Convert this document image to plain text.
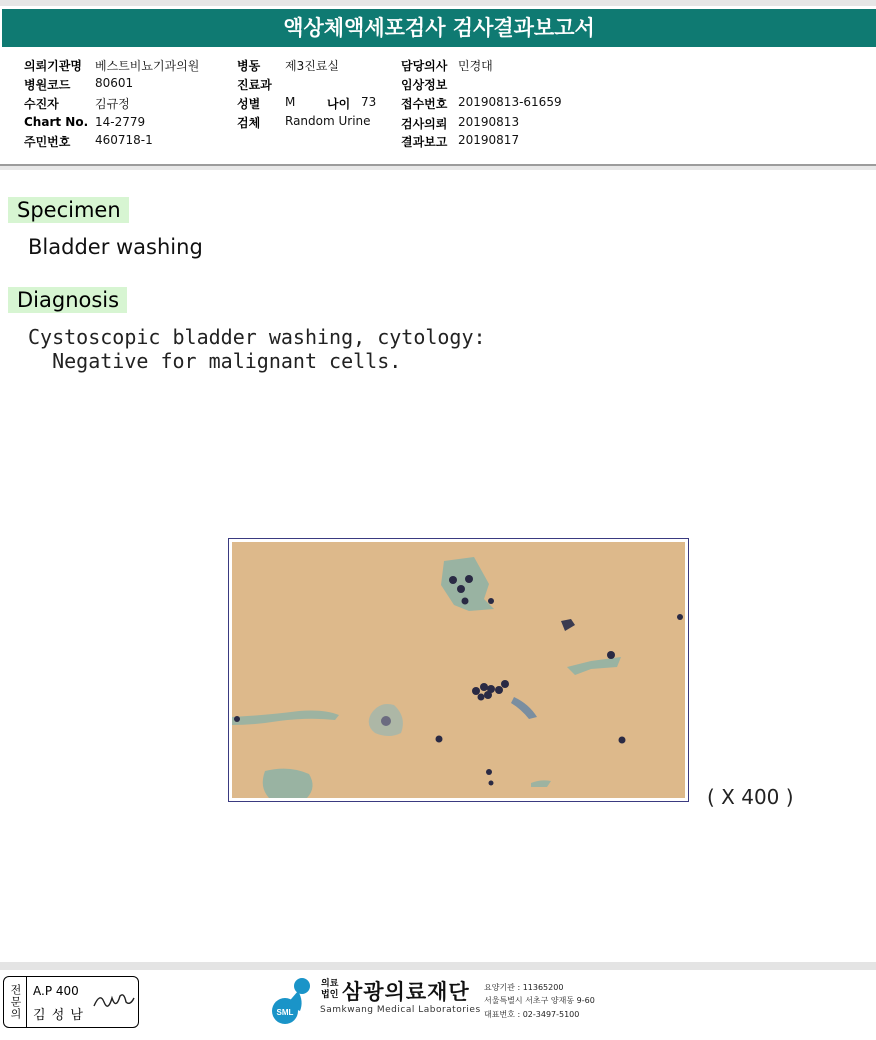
액상체액세포검사 검사결과보고서
의뢰기관명 베스트비뇨기과의원
병원코드 80601
수진자	김규정
Chart No. 14-2779
주민번호 460718-1
병동 제3진료실
진료과
성별 M	나이 73
검체 Random Urine
담당의사 민경대
임상정보
접수번호 20190813-61659
검사의뢰 20190813
결과보고 20190817
Specimen
Bladder washing
Diagnosis
Cystoscopic bladder washing, cytology:
Negative for malignant cells.
( X 400 )
전문의 A.P 400
김 성 남	SML
의료
법인 삼광의료재단
Samkwang Medical Laboratories
요양기관 : 11365200
서울특별시 서초구 양재동 9-60
대표번호 : 02-3497-5100
